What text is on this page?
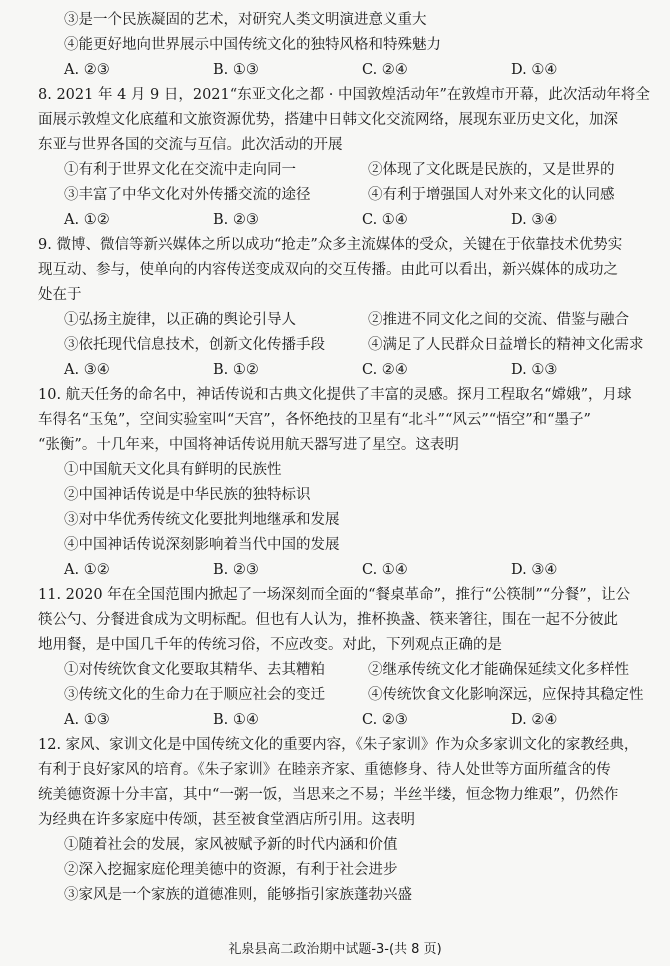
③是一个民族凝固的艺术，对研究人类文明演进意义重大
④能更好地向世界展示中国传统文化的独特风格和特殊魅力
A. ②③	B. ①③	C. ②④	D. ①④
8. 2021 年 4 月 9 日，2021“东亚文化之都 · 中国敦煌活动年”在敦煌市开幕，此次活动年将全
面展示敦煌文化底蕴和文旅资源优势，搭建中日韩文化交流网络，展现东亚历史文化，加深
东亚与世界各国的交流与互信。此次活动的开展
①有利于世界文化在交流中走向同一	②体现了文化既是民族的，又是世界的
③丰富了中华文化对外传播交流的途径	④有利于增强国人对外来文化的认同感
A. ①②	B. ②③	C. ①④	D. ③④
9. 微博、微信等新兴媒体之所以成功“抢走”众多主流媒体的受众，关键在于依靠技术优势实
现互动、参与，使单向的内容传送变成双向的交互传播。由此可以看出，新兴媒体的成功之
处在于
①弘扬主旋律，以正确的舆论引导人	②推进不同文化之间的交流、借鉴与融合
③依托现代信息技术，创新文化传播手段	④满足了人民群众日益增长的精神文化需求
A. ③④	B. ①②	C. ②④	D. ①③
10. 航天任务的命名中，神话传说和古典文化提供了丰富的灵感。探月工程取名“嫦娥”，月球
车得名“玉兔”，空间实验室叫“天宫”，各怀绝技的卫星有“北斗”“风云”“悟空”和“墨子”
“张衡”。十几年来，中国将神话传说用航天器写进了星空。这表明
①中国航天文化具有鲜明的民族性
②中国神话传说是中华民族的独特标识
③对中华优秀传统文化要批判地继承和发展
④中国神话传说深刻影响着当代中国的发展
A. ①②	B. ②③	C. ①④	D. ③④
11. 2020 年在全国范围内掀起了一场深刻而全面的“餐桌革命”，推行“公筷制”“分餐”，让公
筷公勺、分餐进食成为文明标配。但也有人认为，推杯换盏、筷来箸往，围在一起不分彼此
地用餐，是中国几千年的传统习俗，不应改变。对此，下列观点正确的是
①对传统饮食文化要取其精华、去其糟粕	②继承传统文化才能确保延续文化多样性
③传统文化的生命力在于顺应社会的变迁	④传统饮食文化影响深远，应保持其稳定性
A. ①③	B. ①④	C. ②③	D. ②④
12. 家风、家训文化是中国传统文化的重要内容，《朱子家训》作为众多家训文化的家教经典，
有利于良好家风的培育。《朱子家训》在睦亲齐家、重德修身、待人处世等方面所蕴含的传
统美德资源十分丰富，其中“一粥一饭，当思来之不易；半丝半缕，恒念物力维艰”，仍然作
为经典在许多家庭中传颂，甚至被食堂酒店所引用。这表明
①随着社会的发展，家风被赋予新的时代内涵和价值
②深入挖掘家庭伦理美德中的资源，有利于社会进步
③家风是一个家族的道德准则，能够指引家族蓬勃兴盛
礼泉县高二政治期中试题-3-(共 8 页)
